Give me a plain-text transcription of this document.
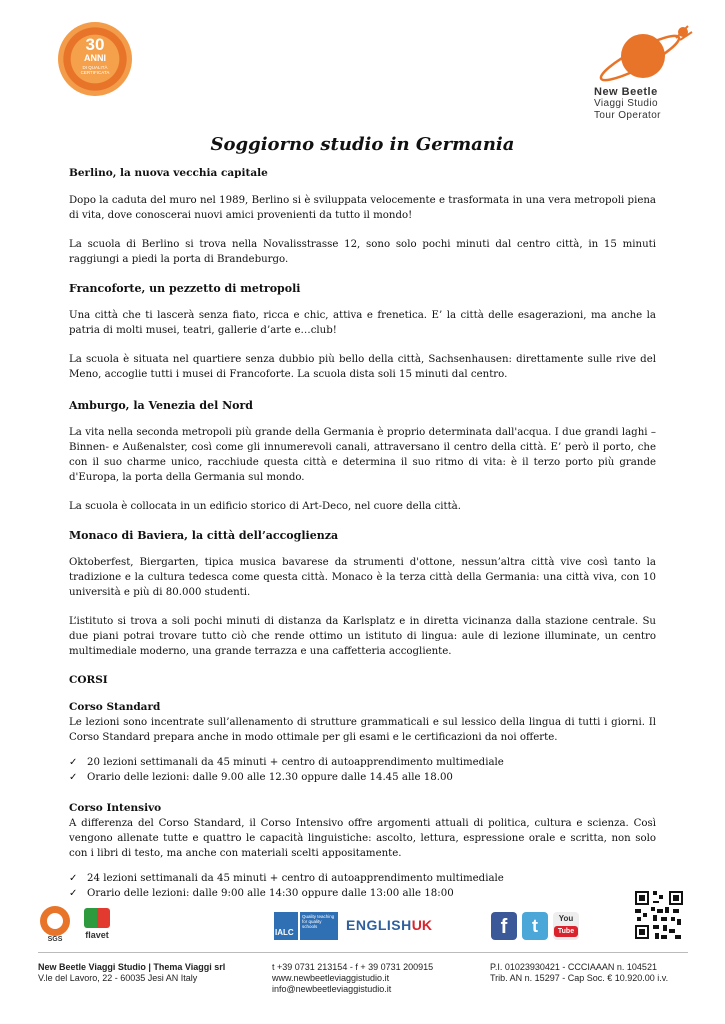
30
ANNI
DI QUALITÀ CERTIFICATA
New Beetle
Viaggi Studio
Tour Operator
Soggiorno studio in Germania
Berlino, la nuova vecchia capitale

Dopo la caduta del muro nel 1989, Berlino si è sviluppata velocemente e trasformata in una vera metropoli piena di vita, dove conoscerai nuovi amici provenienti da tutto il mondo!

La scuola di Berlino si trova nella Novalisstrasse 12, sono solo pochi minuti dal centro città, in 15 minuti raggiungi a piedi la porta di Brandeburgo.

Francoforte, un pezzetto di metropoli

Una città che ti lascerà senza fiato, ricca e chic, attiva e frenetica. E’ la città delle esagerazioni, ma anche la patria di molti musei, teatri, gallerie d’arte e…club!

La scuola è situata nel quartiere senza dubbio più bello della città, Sachsenhausen: direttamente sulle rive del Meno, accoglie tutti i musei di Francoforte. La scuola dista soli 15 minuti dal centro.

Amburgo, la Venezia del Nord

La vita nella seconda metropoli più grande della Germania è proprio determinata dall'acqua. I due grandi laghi – Binnen- e Außenalster, così come gli innumerevoli canali, attraversano il centro della città. E’ però il porto, che con il suo charme unico, racchiude questa città e determina il suo ritmo di vita: è il terzo porto più grande d'Europa, la porta della Germania sul mondo.

La scuola è collocata in un edificio storico di Art-Deco, nel cuore della città.

Monaco di Baviera, la città dell’accoglienza

Oktoberfest, Biergarten, tipica musica bavarese da strumenti d'ottone, nessun’altra città vive così tanto la tradizione e la cultura tedesca come questa città. Monaco è la terza città della Germania: una città viva, con 10 università e più di 80.000 studenti.

L’istituto si trova a soli pochi minuti di distanza da Karlsplatz e in diretta vicinanza dalla stazione centrale. Su due piani potrai trovare tutto ciò che rende ottimo un istituto di lingua: aule di lezione illuminate, un centro multimediale moderno, una grande terrazza e una caffetteria accogliente.

CORSI
Corso Standard

Le lezioni sono incentrate sull’allenamento di strutture grammaticali e sul lessico della lingua di tutti i giorni. Il Corso Standard prepara anche in modo ottimale per gli esami e le certificazioni da noi offerte.

✓ 20 lezioni settimanali da 45 minuti + centro di autoapprendimento multimediale
✓ Orario delle lezioni: dalle 9.00 alle 12.30 oppure dalle 14.45 alle 18.00
Corso Intensivo

A differenza del Corso Standard, il Corso Intensivo offre argomenti attuali di politica, cultura e scienza. Così vengono allenate tutte e quattro le capacità linguistiche: ascolto, lettura, espressione orale e scritta, non solo con i libri di testo, ma anche con materiali scelti appositamente.

✓ 24 lezioni settimanali da 45 minuti + centro di autoapprendimento multimediale
✓ Orario delle lezioni: dalle 9:00 alle 14:30 oppure dalle 13:00 alle 18:00
SGS	flavet	IALC
Quality teaching for quality schools	ENGLISHUK	f	t	You
Tube
New Beetle Viaggi Studio | Thema Viaggi srl
V.le del Lavoro, 22 - 60035 Jesi AN Italy
t +39 0731 213154 - f + 39 0731 200915
www.newbeetleviaggistudio.it
info@newbeetleviaggistudio.it
P.I. 01023930421 - CCCIAAAN n. 104521
Trib. AN n. 15297 - Cap Soc. € 10.920.00 i.v.
